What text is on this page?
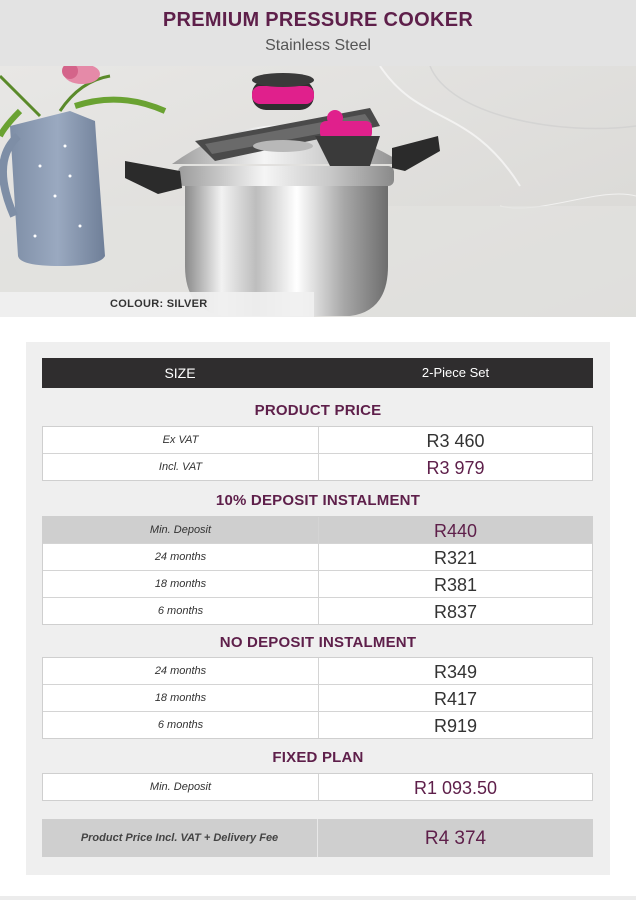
PREMIUM PRESSURE COOKER
Stainless Steel
COLOUR: SILVER
SIZE	2-Piece Set
PRODUCT PRICE
Ex VAT	R3 460
Incl. VAT	R3 979
10% DEPOSIT INSTALMENT
Min. Deposit	R440
24 months	R321
18 months	R381
6 months	R837
NO DEPOSIT INSTALMENT
24 months	R349
18 months	R417
6 months	R919
FIXED PLAN
Min. Deposit	R1 093.50
Product Price Incl. VAT + Delivery Fee	R4 374
